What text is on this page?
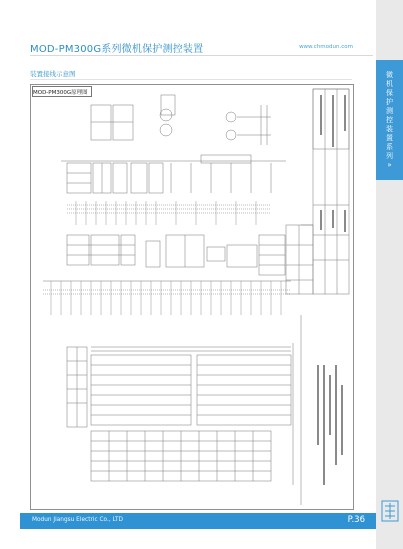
MOD-PM300G系列微机保护测控装置	www.chmodun.com
装置接线示意图	微
机
保
护
测
控
装
置
系
列
»
MOD-PM300G原理图
Modun Jiangsu Electric Co., LTD	P.36
